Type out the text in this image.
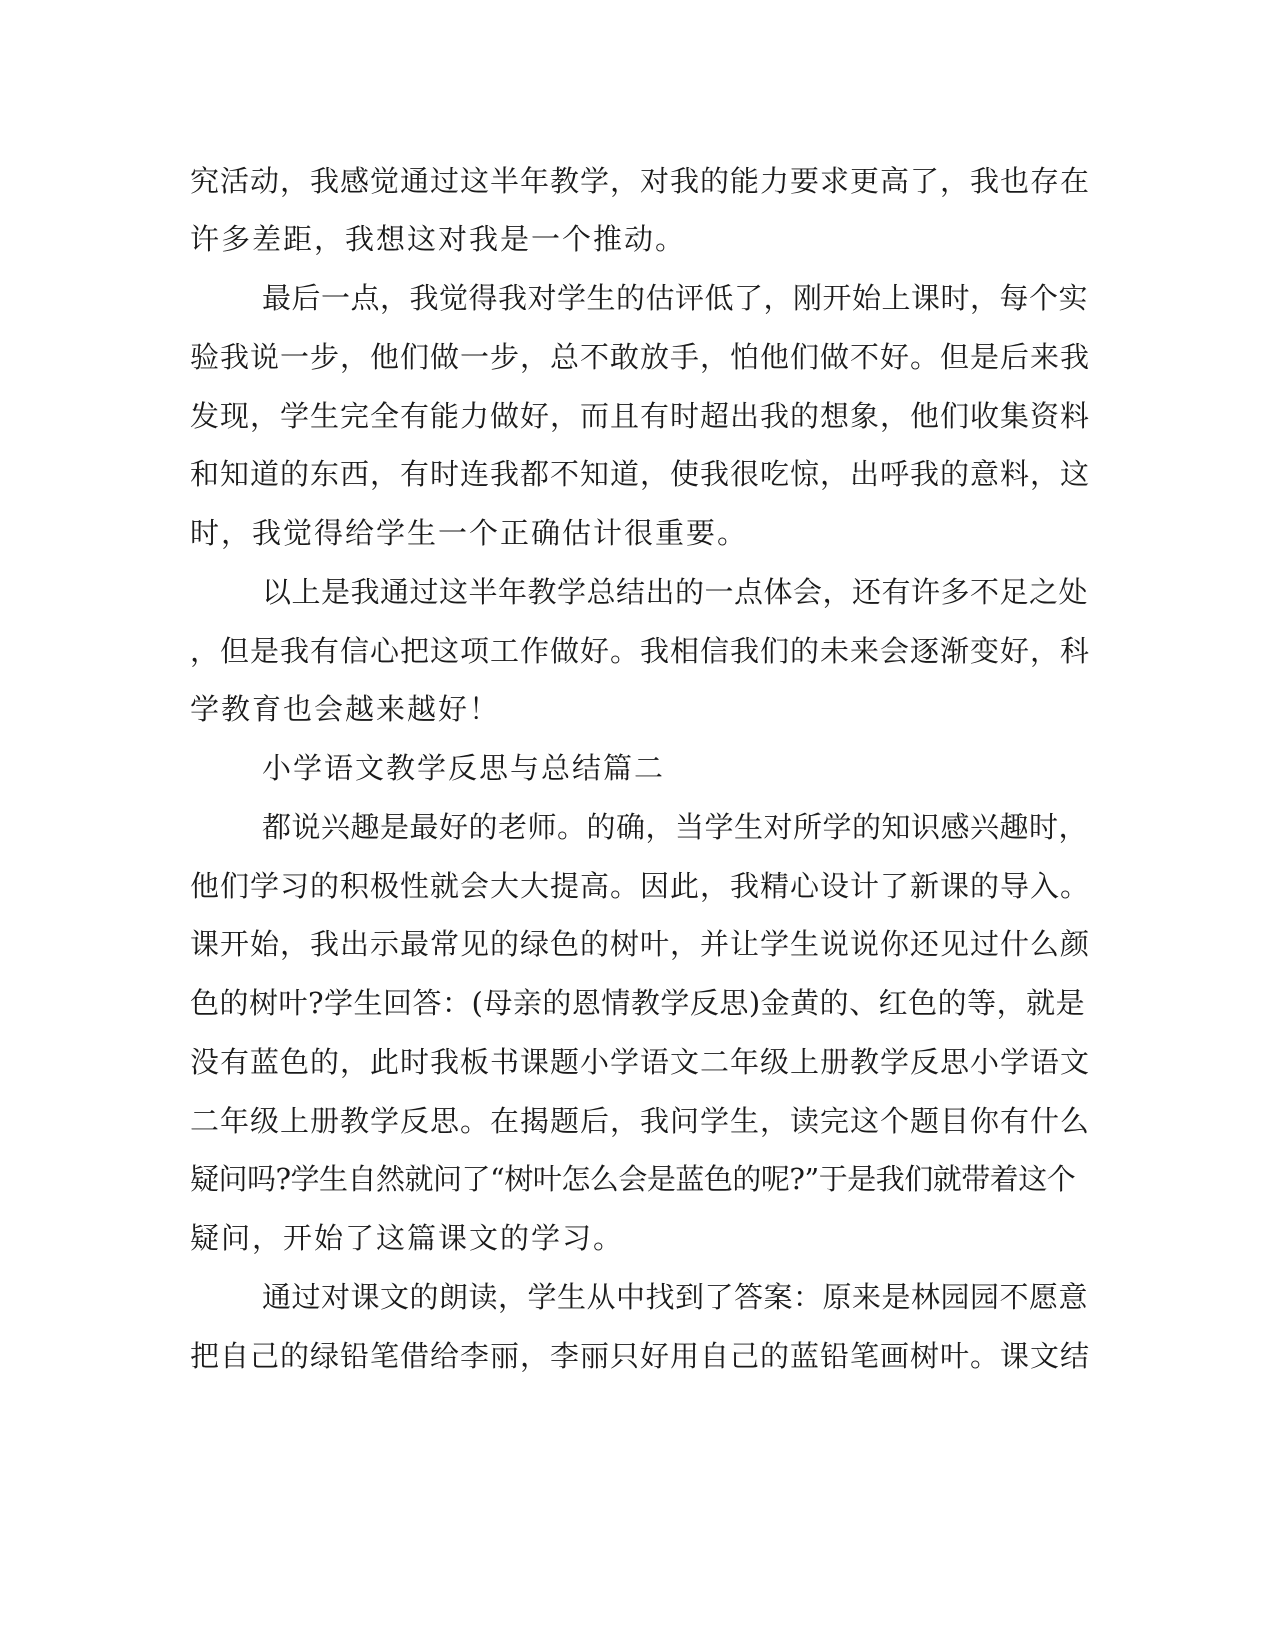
究活动，我感觉通过这半年教学，对我的能力要求更高了，我也存在
许多差距，我想这对我是一个推动。
最后一点，我觉得我对学生的估评低了，刚开始上课时，每个实
验我说一步，他们做一步，总不敢放手，怕他们做不好。但是后来我
发现，学生完全有能力做好，而且有时超出我的想象，他们收集资料
和知道的东西，有时连我都不知道，使我很吃惊，出呼我的意料，这
时，我觉得给学生一个正确估计很重要。
以上是我通过这半年教学总结出的一点体会，还有许多不足之处
，但是我有信心把这项工作做好。我相信我们的未来会逐渐变好，科
学教育也会越来越好！
小学语文教学反思与总结篇二
都说兴趣是最好的老师。的确，当学生对所学的知识感兴趣时，
他们学习的积极性就会大大提高。因此，我精心设计了新课的导入。
课开始，我出示最常见的绿色的树叶，并让学生说说你还见过什么颜
色的树叶?学生回答：(母亲的恩情教学反思)金黄的、红色的等，就是
没有蓝色的，此时我板书课题小学语文二年级上册教学反思小学语文
二年级上册教学反思。在揭题后，我问学生，读完这个题目你有什么
疑问吗?学生自然就问了“树叶怎么会是蓝色的呢?”于是我们就带着这个
疑问，开始了这篇课文的学习。
通过对课文的朗读，学生从中找到了答案：原来是林园园不愿意
把自己的绿铅笔借给李丽，李丽只好用自己的蓝铅笔画树叶。课文结
